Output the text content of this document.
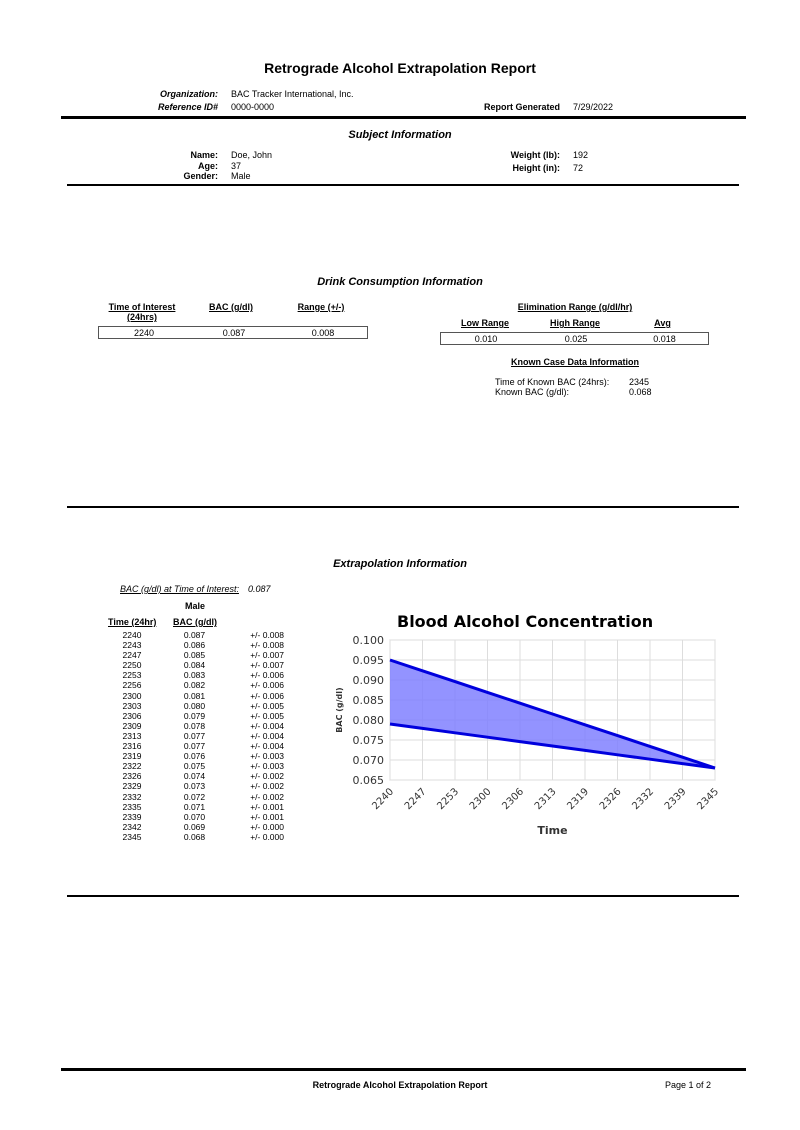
Retrograde Alcohol Extrapolation Report
Organization: BAC Tracker International, Inc.
Reference ID# 0000-0000	Report Generated 7/29/2022
Subject Information
Name: Doe, John
Age: 37
Gender: Male
Weight (lb): 192
Height (in): 72
Drink Consumption Information
Time of Interest (24hrs)
BAC (g/dl)	Range (+/-)
2240	0.087	0.008
Elimination Range (g/dl/hr)
Low Range	High Range	Avg
0.010	0.025	0.018
Known Case Data Information
Time of Known BAC (24hrs): 2345
Known BAC (g/dl):	0.068
Extrapolation Information
BAC (g/dl) at Time of Interest: 0.087
Male
Time (24hr) BAC (g/dl)
2240	0.087	+/- 0.008
2243	0.086	+/- 0.008
2247	0.085	+/- 0.007
2250	0.084	+/- 0.007
2253	0.083	+/- 0.006
2256	0.082	+/- 0.006
2300	0.081	+/- 0.006
2303	0.080	+/- 0.005
2306	0.079	+/- 0.005
2309	0.078	+/- 0.004
2313	0.077	+/- 0.004
2316	0.077	+/- 0.004
2319	0.076	+/- 0.003
2322	0.075	+/- 0.003
2326	0.074	+/- 0.002
2329	0.073	+/- 0.002
2332	0.072	+/- 0.002
2335	0.071	+/- 0.001
2339	0.070	+/- 0.001
2342	0.069	+/- 0.000
2345	0.068	+/- 0.000
Blood Alcohol Concentration
0.100
0.095
0.090
0.085
0.080
0.075
0.070
0.065
2240 2247 2253 2300 2306 2313 2319 2326 2332 2339 2345
Time
BAC (g/dl)
Retrograde Alcohol Extrapolation Report	Page 1 of 2
